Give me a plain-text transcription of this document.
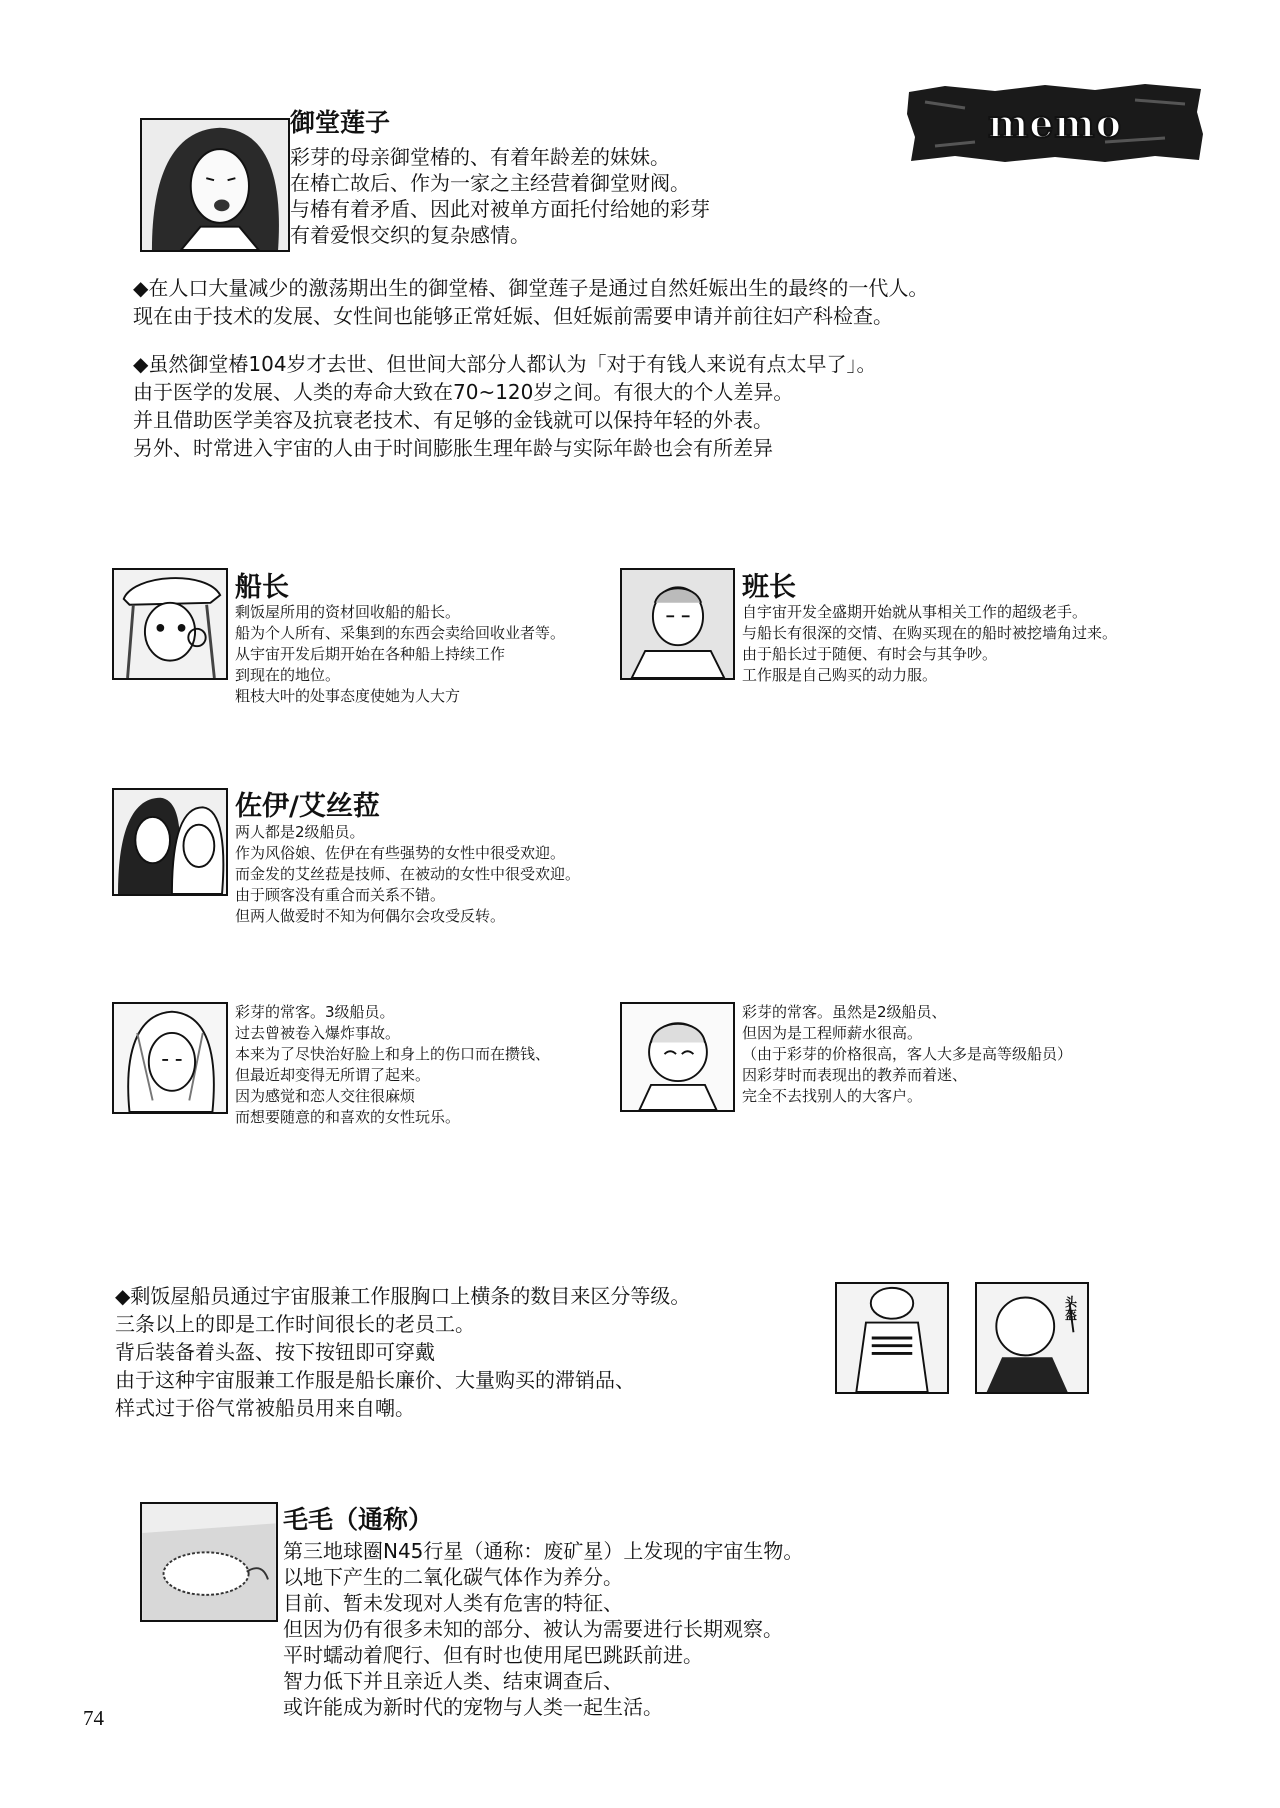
memo
御堂莲子
彩芽的母亲御堂椿的、有着年龄差的妹妹。
在椿亡故后、作为一家之主经营着御堂财阀。
与椿有着矛盾、因此对被单方面托付给她的彩芽
有着爱恨交织的复杂感情。
◆在人口大量减少的激荡期出生的御堂椿、御堂莲子是通过自然妊娠出生的最终的一代人。
现在由于技术的发展、女性间也能够正常妊娠、但妊娠前需要申请并前往妇产科检查。
◆虽然御堂椿104岁才去世、但世间大部分人都认为「对于有钱人来说有点太早了」。
由于医学的发展、人类的寿命大致在70~120岁之间。有很大的个人差异。
并且借助医学美容及抗衰老技术、有足够的金钱就可以保持年轻的外表。
另外、时常进入宇宙的人由于时间膨胀生理年龄与实际年龄也会有所差异
船长
剩饭屋所用的资材回收船的船长。
船为个人所有、采集到的东西会卖给回收业者等。
从宇宙开发后期开始在各种船上持续工作
到现在的地位。
粗枝大叶的处事态度使她为人大方
班长
自宇宙开发全盛期开始就从事相关工作的超级老手。
与船长有很深的交情、在购买现在的船时被挖墙角过来。
由于船长过于随便、有时会与其争吵。
工作服是自己购买的动力服。
佐伊/艾丝菈
两人都是2级船员。
作为风俗娘、佐伊在有些强势的女性中很受欢迎。
而金发的艾丝菈是技师、在被动的女性中很受欢迎。
由于顾客没有重合而关系不错。
但两人做爱时不知为何偶尔会攻受反转。
彩芽的常客。3级船员。
过去曾被卷入爆炸事故。
本来为了尽快治好脸上和身上的伤口而在攒钱、
但最近却变得无所谓了起来。
因为感觉和恋人交往很麻烦
而想要随意的和喜欢的女性玩乐。
彩芽的常客。虽然是2级船员、
但因为是工程师薪水很高。
（由于彩芽的价格很高，客人大多是高等级船员）
因彩芽时而表现出的教养而着迷、
完全不去找别人的大客户。
◆剩饭屋船员通过宇宙服兼工作服胸口上横条的数目来区分等级。
三条以上的即是工作时间很长的老员工。
背后装备着头盔、按下按钮即可穿戴
由于这种宇宙服兼工作服是船长廉价、大量购买的滞销品、
样式过于俗气常被船员用来自嘲。
头盔
毛毛（通称）
第三地球圈N45行星（通称：废矿星）上发现的宇宙生物。
以地下产生的二氧化碳气体作为养分。
目前、暂未发现对人类有危害的特征、
但因为仍有很多未知的部分、被认为需要进行长期观察。
平时蠕动着爬行、但有时也使用尾巴跳跃前进。
智力低下并且亲近人类、结束调查后、
或许能成为新时代的宠物与人类一起生活。
74
